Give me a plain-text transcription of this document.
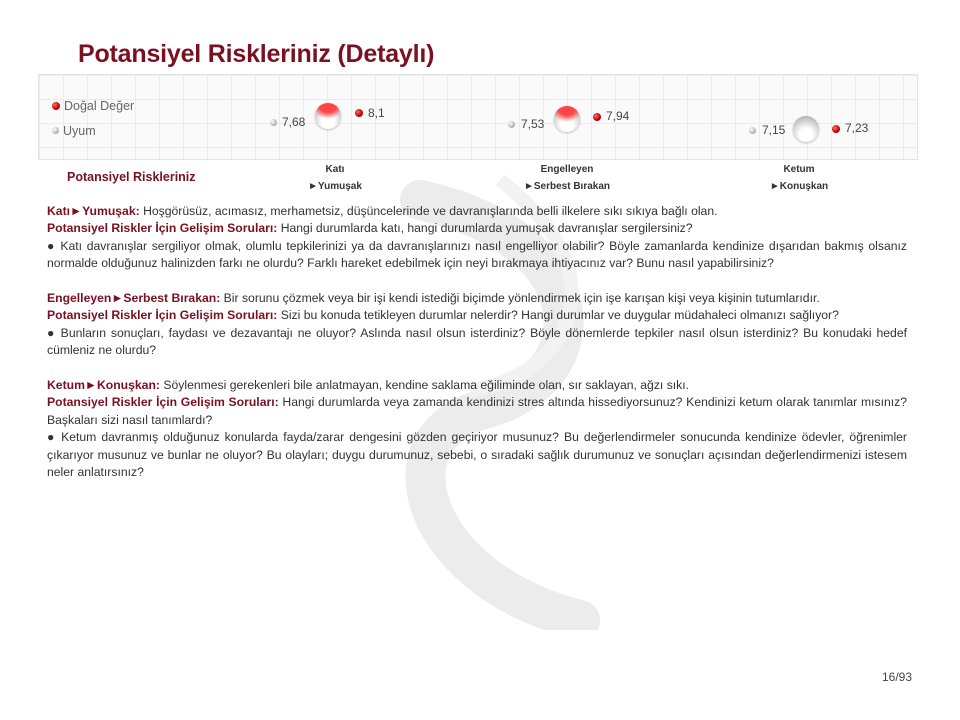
Potansiyel Riskleriniz (Detaylı)
Doğal Değer
Uyum
7,68
8,1
7,53
7,94
7,15	7,23
Potansiyel Riskleriniz
Katı
►Yumuşak
Engelleyen
►Serbest Bırakan
Ketum
►Konuşkan

Katı►Yumuşak: Hoşgörüsüz, acımasız, merhametsiz, düşüncelerinde ve davranışlarında belli ilkelere sıkı sıkıya bağlı olan.

Potansiyel Riskler İçin Gelişim Soruları: Hangi durumlarda katı, hangi durumlarda yumuşak davranışlar sergilersiniz?

● Katı davranışlar sergiliyor olmak, olumlu tepkilerinizi ya da davranışlarınızı nasıl engelliyor olabilir? Böyle zamanlarda kendinize dışarıdan bakmış olsanız normalde olduğunuz halinizden farkı ne olurdu? Farklı hareket edebilmek için neyi bırakmaya ihtiyacınız var? Bunu nasıl yapabilirsiniz?

Engelleyen►Serbest Bırakan: Bir sorunu çözmek veya bir işi kendi istediği biçimde yönlendirmek için işe karışan kişi veya kişinin tutumlarıdır.

Potansiyel Riskler İçin Gelişim Soruları: Sizi bu konuda tetikleyen durumlar nelerdir? Hangi durumlar ve duygular müdahaleci olmanızı sağlıyor?

● Bunların sonuçları, faydası ve dezavantajı ne oluyor? Aslında nasıl olsun isterdiniz? Böyle dönemlerde tepkiler nasıl olsun isterdiniz? Bu konudaki hedef cümleniz ne olurdu?

Ketum►Konuşkan: Söylenmesi gerekenleri bile anlatmayan, kendine saklama eğiliminde olan, sır saklayan, ağzı sıkı.

Potansiyel Riskler İçin Gelişim Soruları: Hangi durumlarda veya zamanda kendinizi stres altında hissediyorsunuz? Kendinizi ketum olarak tanımlar mısınız? Başkaları sizi nasıl tanımlardı?

● Ketum davranmış olduğunuz konularda fayda/zarar dengesini gözden geçiriyor musunuz? Bu değerlendirmeler sonucunda kendinize ödevler, öğrenimler çıkarıyor musunuz ve bunlar ne oluyor? Bu olayları; duygu durumunuz, sebebi, o sıradaki sağlık durumunuz ve sonuçları açısından değerlendirmenizi istesem neler anlatırsınız?

16/93
